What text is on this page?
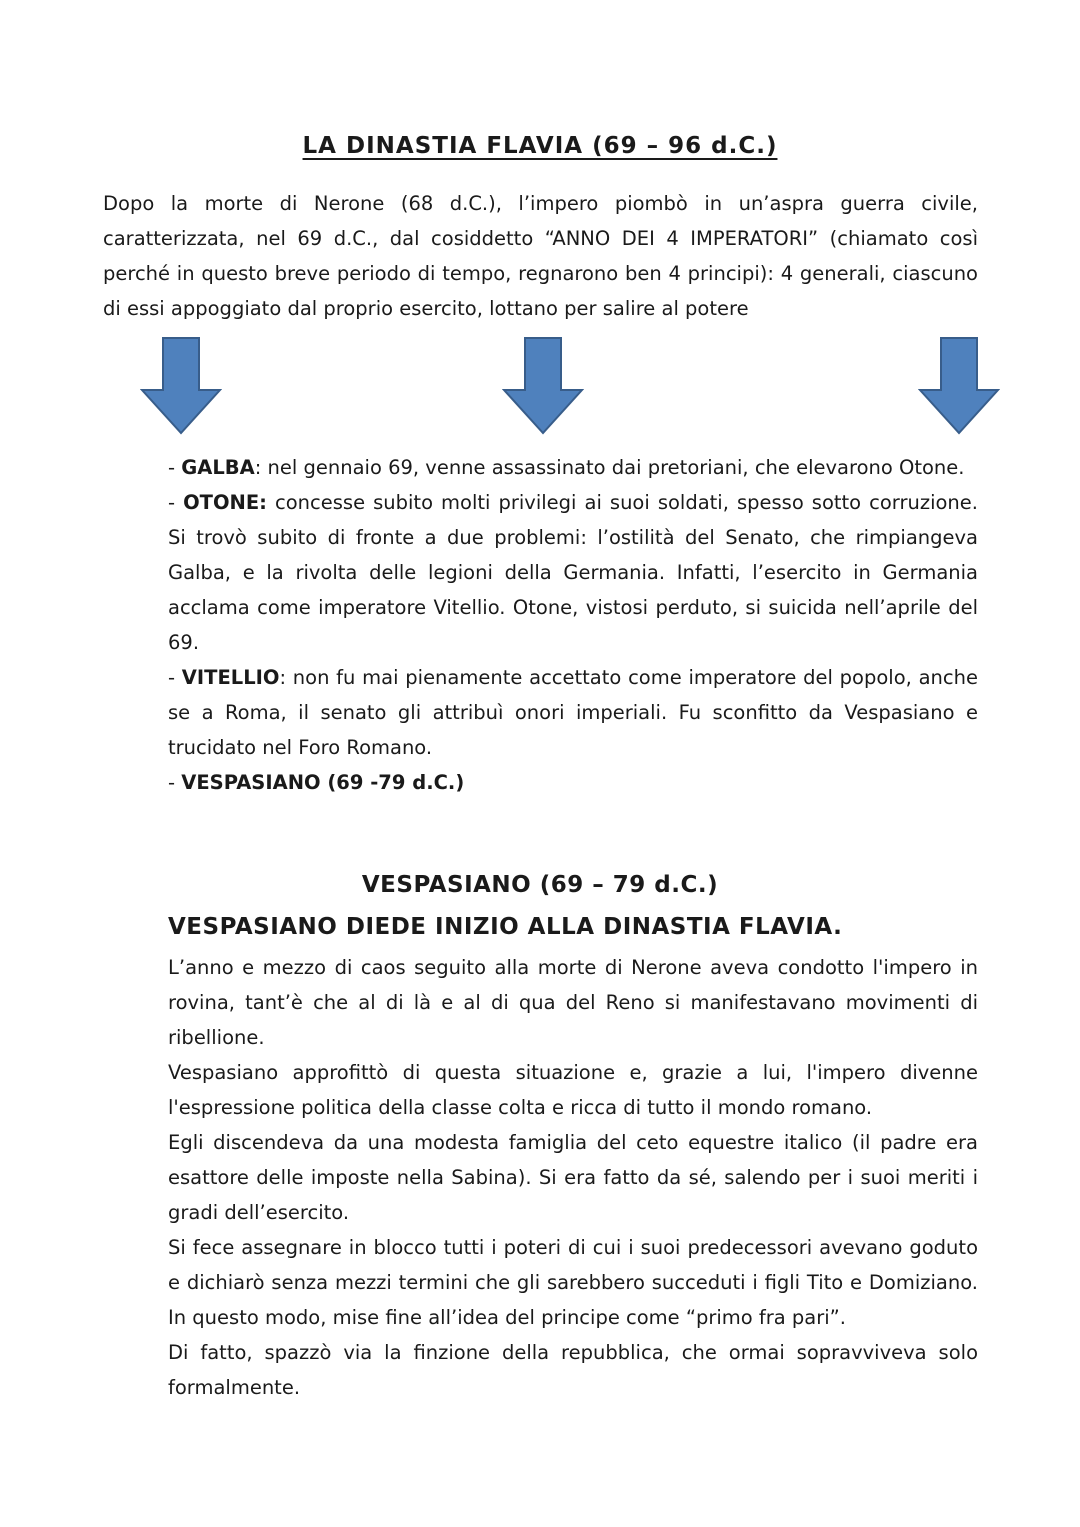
LA DINASTIA FLAVIA (69 – 96 d.C.)

Dopo la morte di Nerone (68 d.C.), l’impero piombò in un’aspra guerra civile, caratterizzata, nel 69 d.C., dal cosiddetto “ANNO DEI 4 IMPERATORI” (chiamato così perché in questo breve periodo di tempo, regnarono ben 4 principi): 4 generali, ciascuno di essi appoggiato dal proprio esercito, lottano per salire al potere

- GALBA: nel gennaio 69, venne assassinato dai pretoriani, che elevarono Otone.

- OTONE: concesse subito molti privilegi ai suoi soldati, spesso sotto corruzione. Si trovò subito di fronte a due problemi: l’ostilità del Senato, che rimpiangeva Galba, e la rivolta delle legioni della Germania. Infatti, l’esercito in Germania acclama come imperatore Vitellio. Otone, vistosi perduto, si suicida nell’aprile del 69.

- VITELLIO: non fu mai pienamente accettato come imperatore del popolo, anche se a Roma, il senato gli attribuì onori imperiali. Fu sconfitto da Vespasiano e trucidato nel Foro Romano.

- VESPASIANO (69 -79 d.C.)

VESPASIANO (69 – 79 d.C.)
VESPASIANO DIEDE INIZIO ALLA DINASTIA FLAVIA.

L’anno e mezzo di caos seguito alla morte di Nerone aveva condotto l'impero in rovina, tant’è che al di là e al di qua del Reno si manifestavano movimenti di ribellione.

Vespasiano approfittò di questa situazione e, grazie a lui, l'impero divenne l'espressione politica della classe colta e ricca di tutto il mondo romano.

Egli discendeva da una modesta famiglia del ceto equestre italico (il padre era esattore delle imposte nella Sabina). Si era fatto da sé, salendo per i suoi meriti i gradi dell’esercito.

Si fece assegnare in blocco tutti i poteri di cui i suoi predecessori avevano goduto e dichiarò senza mezzi termini che gli sarebbero succeduti i figli Tito e Domiziano. In questo modo, mise fine all’idea del principe come “primo fra pari”.

Di fatto, spazzò via la finzione della repubblica, che ormai sopravviveva solo formalmente.
